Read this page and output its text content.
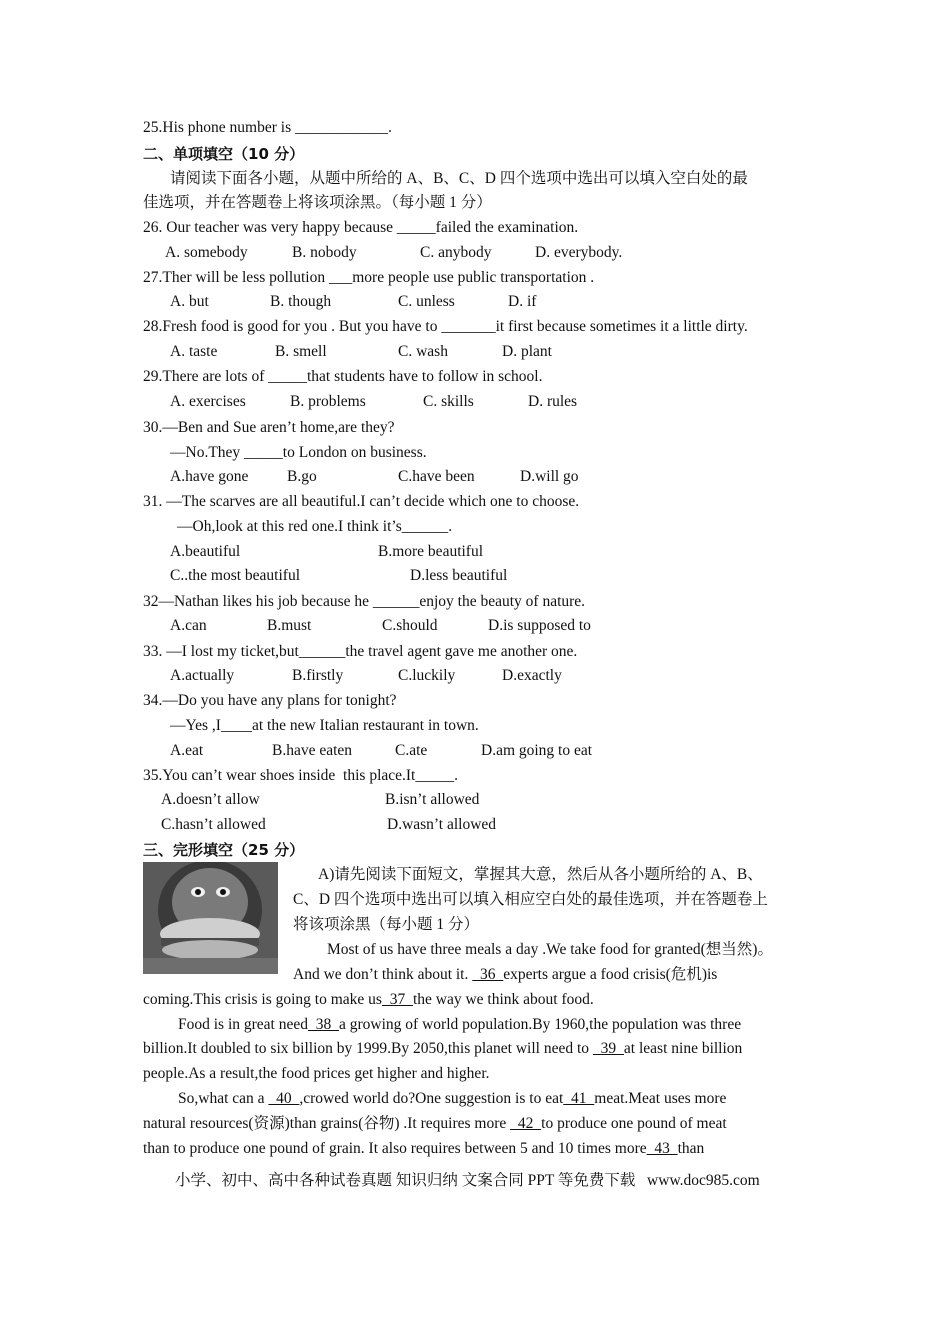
25.His phone number is ____________.
二、单项填空（10 分）
请阅读下面各小题，从题中所给的 A、B、C、D 四个选项中选出可以填入空白处的最
佳选项，并在答题卷上将该项涂黑。（每小题 1 分）
26. Our teacher was very happy because _____failed the examination.
A. somebody	B. nobody	C. anybody	D. everybody.
27.Ther will be less pollution ___more people use public transportation .
A. but	B. though	C. unless	D. if
28.Fresh food is good for you . But you have to _______it first because sometimes it a little dirty.
A. taste	B. smell	C. wash	D. plant
29.There are lots of _____that students have to follow in school.
A. exercises	B. problems	C. skills	D. rules
30.—Ben and Sue aren’t home,are they?
—No.They _____to London on business.
A.have gone B.go	C.have been	D.will go
31. —The scarves are all beautiful.I can’t decide which one to choose.
—Oh,look at this red one.I think it’s______.
A.beautiful	B.more beautiful
C..the most beautiful	D.less beautiful
32—Nathan likes his job because he ______enjoy the beauty of nature.
A.can	B.must	C.should	D.is supposed to
33. —I lost my ticket,but______the travel agent gave me another one.
A.actually	B.firstly	C.luckily	D.exactly
34.—Do you have any plans for tonight?
—Yes ,I____at the new Italian restaurant in town.
A.eat	B.have eaten	C.ate	D.am going to eat
35.You can’t wear shoes inside  this place.It_____.
A.doesn’t allow	B.isn’t allowed
C.hasn’t allowed	D.wasn’t allowed
三、完形填空（25 分）
A)请先阅读下面短文，掌握其大意，然后从各小题所给的 A、B、
C、D 四个选项中选出可以填入相应空白处的最佳选项，并在答题卷上
将该项涂黑（每小题 1 分）
Most of us have three meals a day .We take food for granted(想当然)。
And we don’t think about it.   36  experts argue a food crisis(危机)is
coming.This crisis is going to make us  37  the way we think about food.
Food is in great need  38  a growing of world population.By 1960,the population was three
billion.It doubled to six billion by 1999.By 2050,this planet will need to   39  at least nine billion
people.As a result,the food prices get higher and higher.
So,what can a   40  ,crowed world do?One suggestion is to eat  41  meat.Meat uses more
natural resources(资源)than grains(谷物) .It requires more   42  to produce one pound of meat
than to produce one pound of grain. It also requires between 5 and 10 times more  43  than
小学、初中、高中各种试卷真题 知识归纳 文案合同 PPT 等免费下载   www.doc985.com
